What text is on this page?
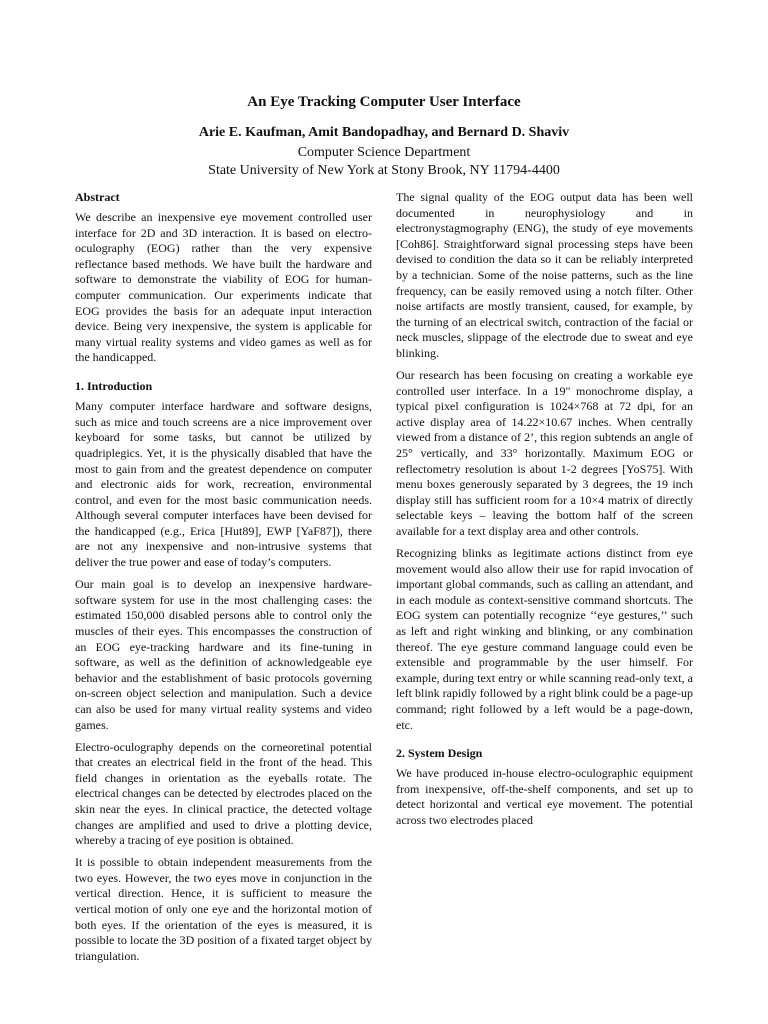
An Eye Tracking Computer User Interface
Arie E. Kaufman, Amit Bandopadhay, and Bernard D. Shaviv
Computer Science Department
State University of New York at Stony Brook, NY 11794-4400
Abstract

We describe an inexpensive eye movement controlled user interface for 2D and 3D interaction. It is based on electro-oculography (EOG) rather than the very expensive reflectance based methods. We have built the hardware and software to demonstrate the viability of EOG for human-computer communication. Our experiments indicate that EOG provides the basis for an adequate input interaction device. Being very inexpensive, the system is applicable for many virtual reality systems and video games as well as for the handicapped.

1. Introduction

Many computer interface hardware and software designs, such as mice and touch screens are a nice improvement over keyboard for some tasks, but cannot be utilized by quadriplegics. Yet, it is the physically disabled that have the most to gain from and the greatest dependence on computer and electronic aids for work, recreation, environmental control, and even for the most basic communication needs. Although several computer interfaces have been devised for the handicapped (e.g., Erica [Hut89], EWP [YaF87]), there are not any inexpensive and non-intrusive systems that deliver the true power and ease of today’s computers.

Our main goal is to develop an inexpensive hardware-software system for use in the most challenging cases: the estimated 150,000 disabled persons able to control only the muscles of their eyes. This encompasses the construction of an EOG eye-tracking hardware and its fine-tuning in software, as well as the definition of acknowledgeable eye behavior and the establishment of basic protocols governing on-screen object selection and manipulation. Such a device can also be used for many virtual reality systems and video games.

Electro-oculography depends on the corneoretinal potential that creates an electrical field in the front of the head. This field changes in orientation as the eyeballs rotate. The electrical changes can be detected by electrodes placed on the skin near the eyes. In clinical practice, the detected voltage changes are amplified and used to drive a plotting device, whereby a tracing of eye position is obtained.

It is possible to obtain independent measurements from the two eyes. However, the two eyes move in conjunction in the vertical direction. Hence, it is sufficient to measure the vertical motion of only one eye and the horizontal motion of both eyes. If the orientation of the eyes is measured, it is possible to locate the 3D position of a fixated target object by triangulation.

The signal quality of the EOG output data has been well documented in neurophysiology and in electronystagmography (ENG), the study of eye movements [Coh86]. Straightforward signal processing steps have been devised to condition the data so it can be reliably interpreted by a technician. Some of the noise patterns, such as the line frequency, can be easily removed using a notch filter. Other noise artifacts are mostly transient, caused, for example, by the turning of an electrical switch, contraction of the facial or neck muscles, slippage of the electrode due to sweat and eye blinking.

Our research has been focusing on creating a workable eye controlled user interface. In a 19" monochrome display, a typical pixel configuration is 1024×768 at 72 dpi, for an active display area of 14.22×10.67 inches. When centrally viewed from a distance of 2’, this region subtends an angle of 25° vertically, and 33° horizontally. Maximum EOG or reflectometry resolution is about 1-2 degrees [YoS75]. With menu boxes generously separated by 3 degrees, the 19 inch display still has sufficient room for a 10×4 matrix of directly selectable keys – leaving the bottom half of the screen available for a text display area and other controls.

Recognizing blinks as legitimate actions distinct from eye movement would also allow their use for rapid invocation of important global commands, such as calling an attendant, and in each module as context-sensitive command shortcuts. The EOG system can potentially recognize ‘‘eye gestures,’’ such as left and right winking and blinking, or any combination thereof. The eye gesture command language could even be extensible and programmable by the user himself. For example, during text entry or while scanning read-only text, a left blink rapidly followed by a right blink could be a page-up command; right followed by a left would be a page-down, etc.

2. System Design

We have produced in-house electro-oculographic equipment from inexpensive, off-the-shelf components, and set up to detect horizontal and vertical eye movement. The potential across two electrodes placed
